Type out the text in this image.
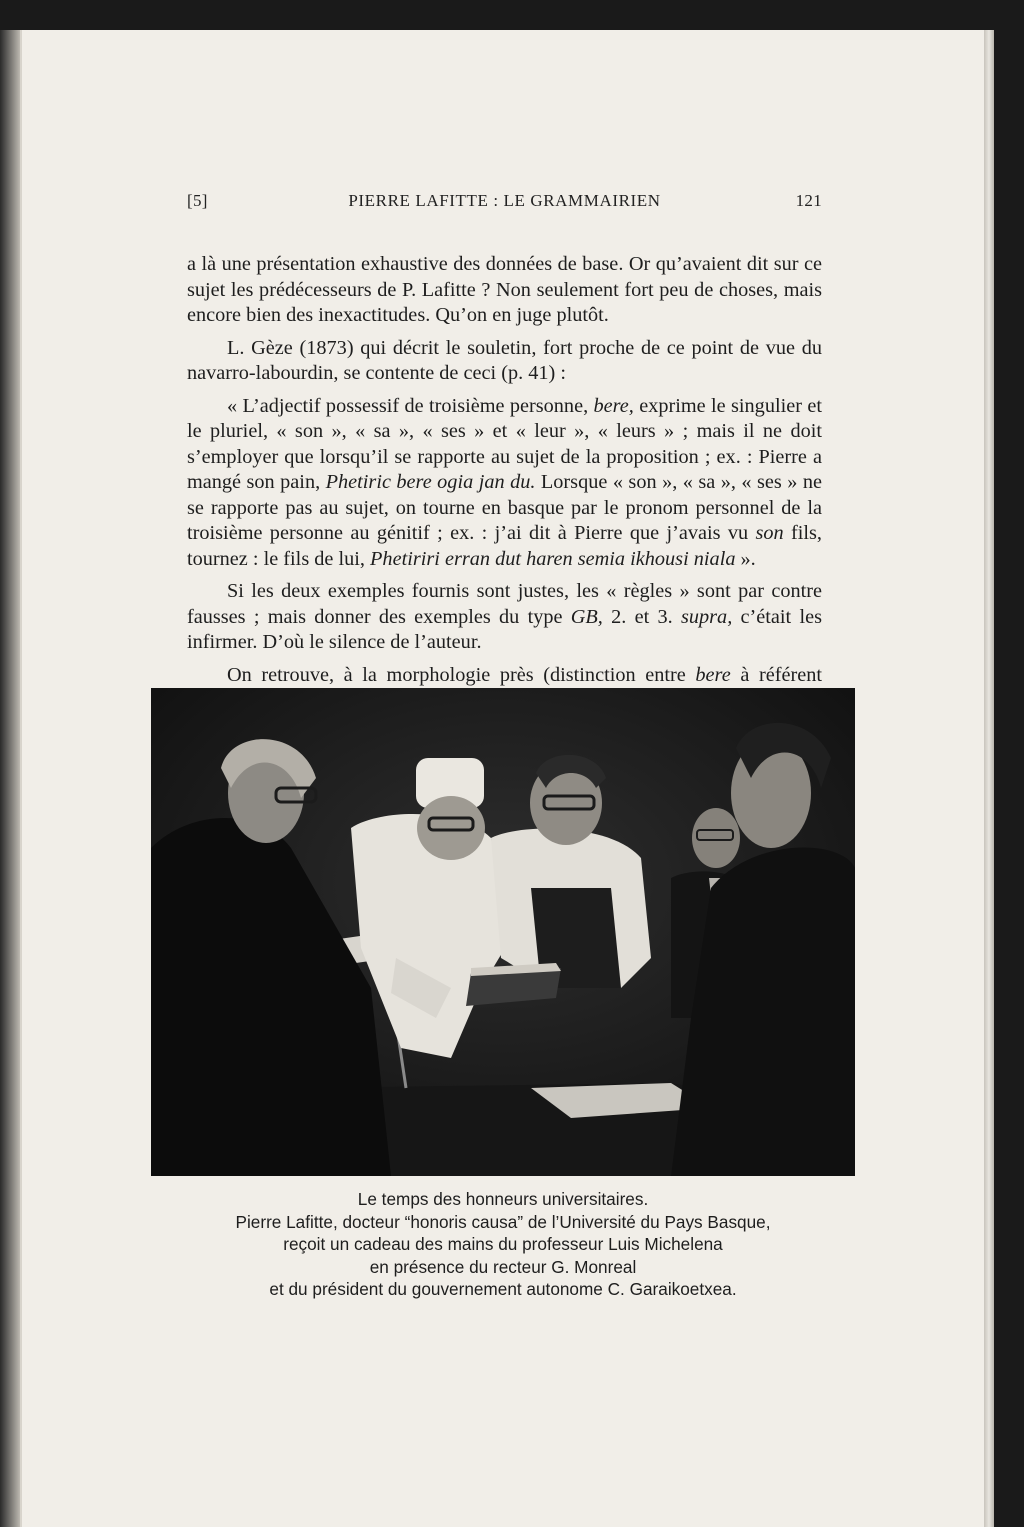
[5]	PIERRE LAFITTE : LE GRAMMAIRIEN	121

a là une présentation exhaustive des données de base. Or qu’avaient dit sur ce sujet les prédécesseurs de P. Lafitte ? Non seulement fort peu de choses, mais encore bien des inexactitudes. Qu’on en juge plutôt.

L. Gèze (1873) qui décrit le souletin, fort proche de ce point de vue du navarro-labourdin, se contente de ceci (p. 41) :

« L’adjectif possessif de troisième personne, bere, exprime le singulier et le pluriel, « son », « sa », « ses » et « leur », « leurs » ; mais il ne doit s’employer que lorsqu’il se rapporte au sujet de la proposition ; ex. : Pierre a mangé son pain, Phetiric bere ogia jan du. Lorsque « son », « sa », « ses » ne se rapporte pas au sujet, on tourne en basque par le pronom personnel de la troisième personne au génitif ; ex. : j’ai dit à Pierre que j’avais vu son fils, tournez : le fils de lui, Phetiriri erran dut haren semia ikhousi niala ».

Si les deux exemples fournis sont justes, les « règles » sont par contre fausses ; mais donner des exemples du type GB, 2. et 3. supra, c’était les infirmer. D’où le silence de l’auteur.

On retrouve, à la morphologie près (distinction entre bere à référent

Le temps des honneurs universitaires.
Pierre Lafitte, docteur “honoris causa” de l’Université du Pays Basque,
reçoit un cadeau des mains du professeur Luis Michelena
en présence du recteur G. Monreal
et du président du gouvernement autonome C. Garaikoetxea.
